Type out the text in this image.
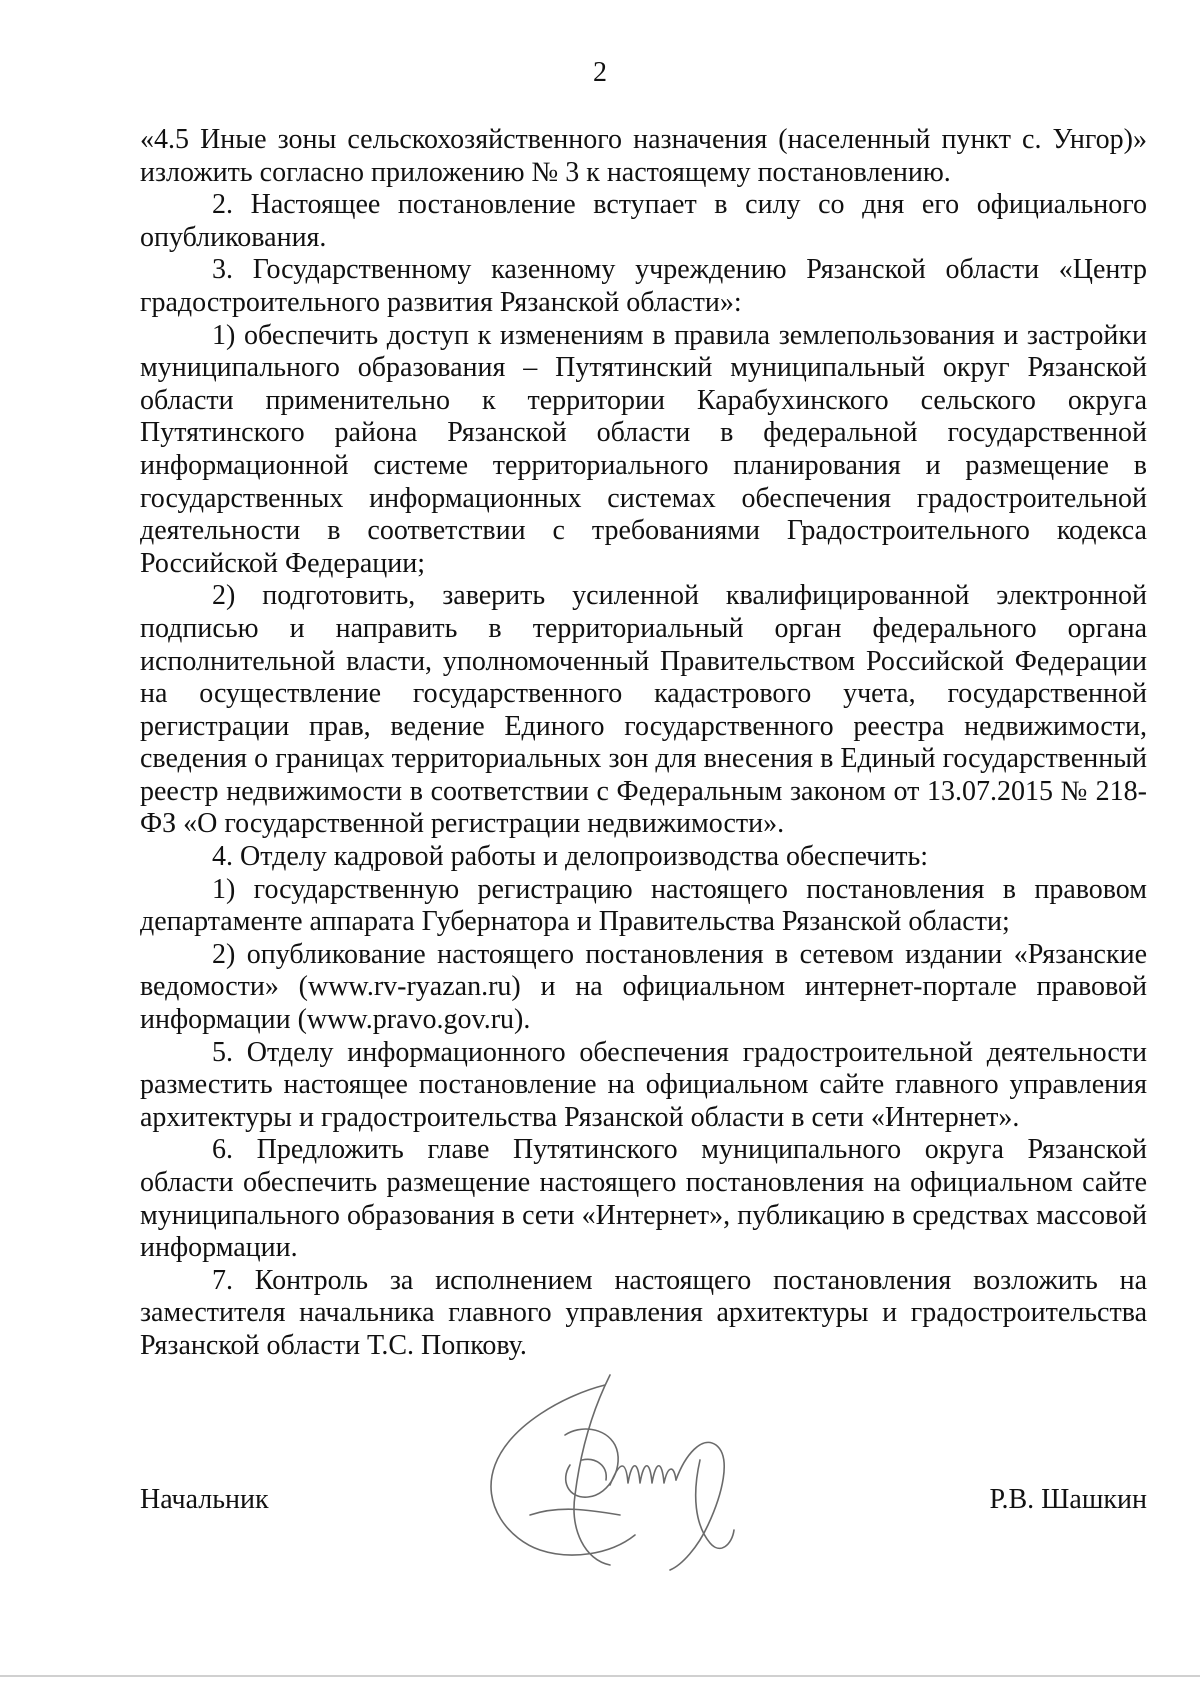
2

«4.5 Иные зоны сельскохозяйственного назначения (населенный пункт с. Унгор)» изложить согласно приложению № 3 к настоящему постановлению.

2. Настоящее постановление вступает в силу со дня его официального опубликования.

3. Государственному казенному учреждению Рязанской области «Центр градостроительного развития Рязанской области»:

1) обеспечить доступ к изменениям в правила землепользования и застройки муниципального образования – Путятинский муниципальный округ Рязанской области применительно к территории Карабухинского сельского округа Путятинского района Рязанской области в федеральной государственной информационной системе территориального планирования и размещение в государственных информационных системах обеспечения градостроительной деятельности в соответствии с требованиями Градостроительного кодекса Российской Федерации;

2) подготовить, заверить усиленной квалифицированной электронной подписью и направить в территориальный орган федерального органа исполнительной власти, уполномоченный Правительством Российской Федерации на осуществление государственного кадастрового учета, государственной регистрации прав, ведение Единого государственного реестра недвижимости, сведения о границах территориальных зон для внесения в Единый государственный реестр недвижимости в соответствии с Федеральным законом от 13.07.2015 № 218-ФЗ «О государственной регистрации недвижимости».

4. Отделу кадровой работы и делопроизводства обеспечить:

1) государственную регистрацию настоящего постановления в правовом департаменте аппарата Губернатора и Правительства Рязанской области;

2) опубликование настоящего постановления в сетевом издании «Рязанские ведомости» (www.rv-ryazan.ru) и на официальном интернет-портале правовой информации (www.pravo.gov.ru).

5. Отделу информационного обеспечения градостроительной деятельности разместить настоящее постановление на официальном сайте главного управления архитектуры и градостроительства Рязанской области в сети «Интернет».

6. Предложить главе Путятинского муниципального округа Рязанской области обеспечить размещение настоящего постановления на официальном сайте муниципального образования в сети «Интернет», публикацию в средствах массовой информации.

7. Контроль за исполнением настоящего постановления возложить на заместителя начальника главного управления архитектуры и градостроительства Рязанской области Т.С. Попкову.

Начальник	Р.В. Шашкин
